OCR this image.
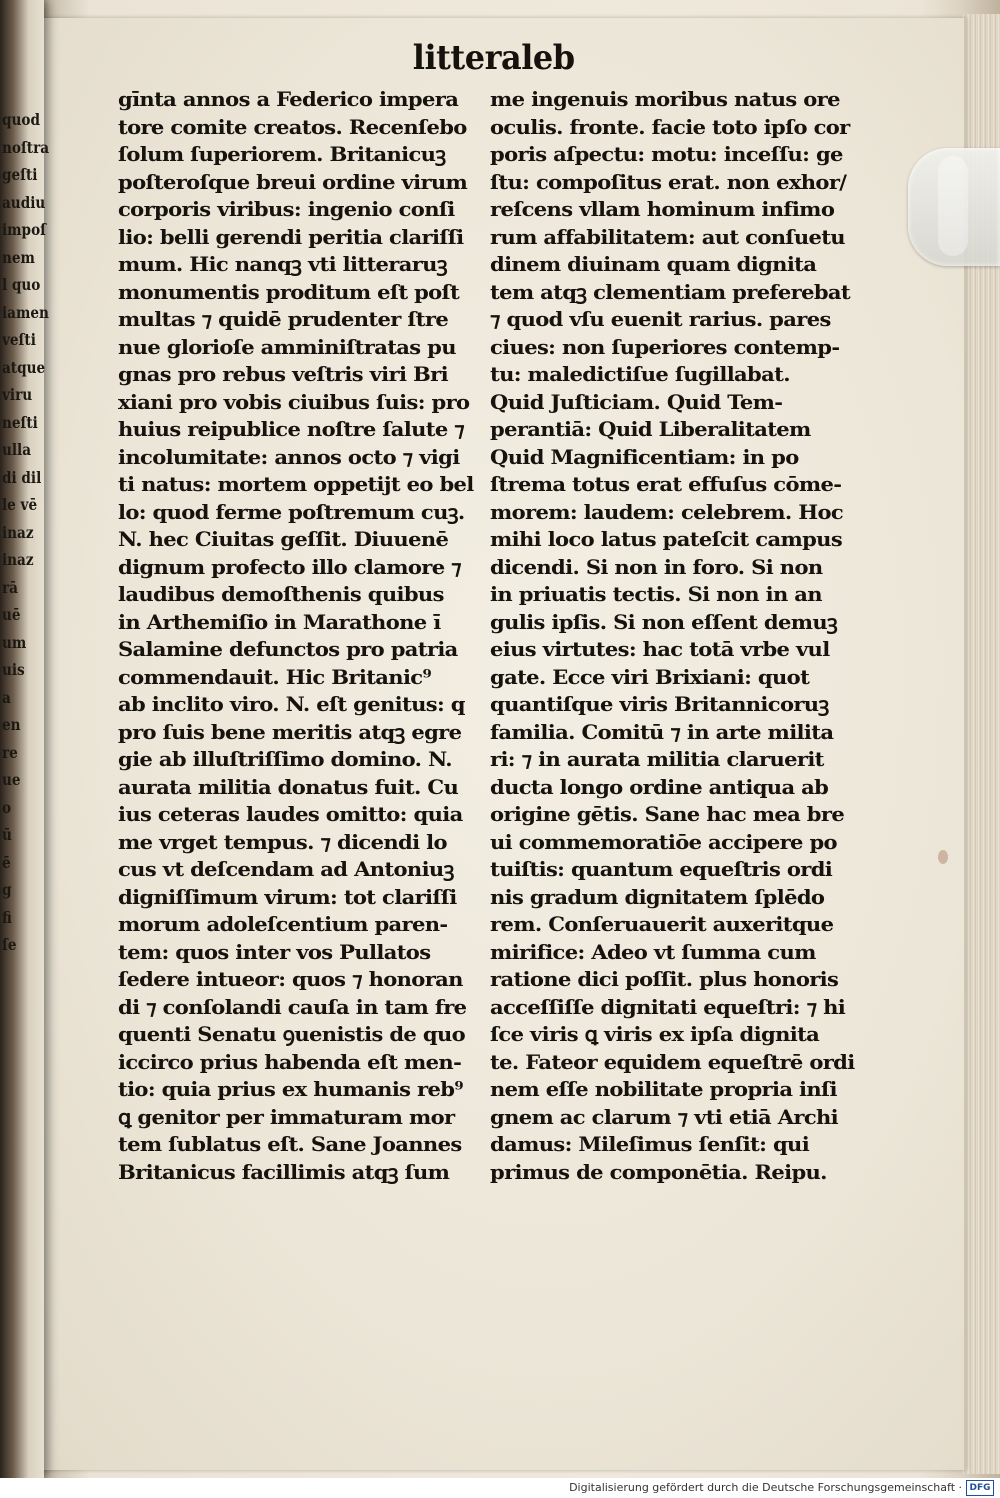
quod
noſtra
geſti
audiu
impoſ
nem
l quo
iamen
veſti
atque
viru
neſti
ulla
di dil
le vē
inaz
inaz
rā
uē
um
uis
a
en
re
ue
o
ū
ē
g
fi
ſe
litteraleb
gīnta annos a Federico impera
tore comite creatos. Recenſebo
ſolum ſuperiorem. Britanicuꝫ
poſteroſque breui ordine virum
corporis viribus: ingenio conſi
lio: belli gerendi peritia clariſſi
mum. Hic nanqꝫ vti litteraruꝫ
monumentis proditum eſt poſt
multas ⁊ quidē prudenter ſtre
nue glorioſe amminiſtratas pu
gnas pro rebus veſtris viri Bri
xiani pro vobis ciuibus ſuis: pro
huius reipublice noſtre ſalute ⁊
incolumitate: annos octo ⁊ vigi
ti natus: mortem oppetijt eo bel
lo: quod ferme poſtremum cuꝫ.
N. hec Ciuitas geſſit. Diuuenē
dignum profecto illo clamore ⁊
laudibus demoſthenis quibus
in Arthemiſio in Marathone ī
Salamine defunctos pro patria
commendauit. Hic Britanic⁹
ab inclito viro. N. eſt genitus: q
pro ſuis bene meritis atqꝫ egre
gie ab illuſtriſſimo domino. N.
aurata militia donatus fuit. Cu
ius ceteras laudes omitto: quia
me vrget tempus. ⁊ dicendi lo
cus vt deſcendam ad Antoniuꝫ
digniſſimum virum: tot clariſſi
morum adoleſcentium paren-
tem: quos inter vos Pullatos
ſedere intueor: quos ⁊ honoran
di ⁊ conſolandi cauſa in tam fre
quenti Senatu ꝯuenistis de quo
iccirco prius habenda eſt men-
tio: quia prius ex humanis reb⁹
ꝗ genitor per immaturam mor
tem ſublatus eſt. Sane Joannes
Britanicus facillimis atqꝫ ſum
me ingenuis moribus natus ore
oculis. fronte. facie toto ipſo cor
poris aſpectu: motu: inceſſu: ge
ſtu: compoſitus erat. non exhor/
reſcens vllam hominum infimo
rum affabilitatem: aut conſuetu
dinem diuinam quam dignita
tem atqꝫ clementiam preferebat
⁊ quod vſu euenit rarius. pares
ciues: non ſuperiores contemp-
tu: maledictiſue ſugillabat.
Quid Juſticiam. Quid Tem-
perantiā: Quid Liberalitatem
Quid Magnificentiam: in po
ſtrema totus erat effuſus cōme-
morem: laudem: celebrem. Hoc
mihi loco latus pateſcit campus
dicendi. Si non in foro. Si non
in priuatis tectis. Si non in an
gulis ipſis. Si non eſſent demuꝫ
eius virtutes: hac totā vrbe vul
gate. Ecce viri Brixiani: quot
quantiſque viris Britannicoruꝫ
familia. Comitū ⁊ in arte milita
ri: ⁊ in aurata militia claruerit
ducta longo ordine antiqua ab
origine gētis. Sane hac mea bre
ui commemoratiōe accipere po
tuiſtis: quantum equeſtris ordi
nis gradum dignitatem ſplēdo
rem. Conſeruauerit auxeritque
mirifice: Adeo vt ſumma cum
ratione dici poſſit. plus honoris
acceſſiſſe dignitati equeſtri: ⁊ hi
ſce viris ꝗ viris ex ipſa dignita
te. Fateor equidem equeſtrē ordi
nem eſſe nobilitate propria inſi
gnem ac clarum ⁊ vti etiā Archi
damus: Mileſimus ſenſit: qui
primus de componētia. Reipu.
Digitalisierung gefördert durch die Deutsche Forschungsgemeinschaft · DFG
